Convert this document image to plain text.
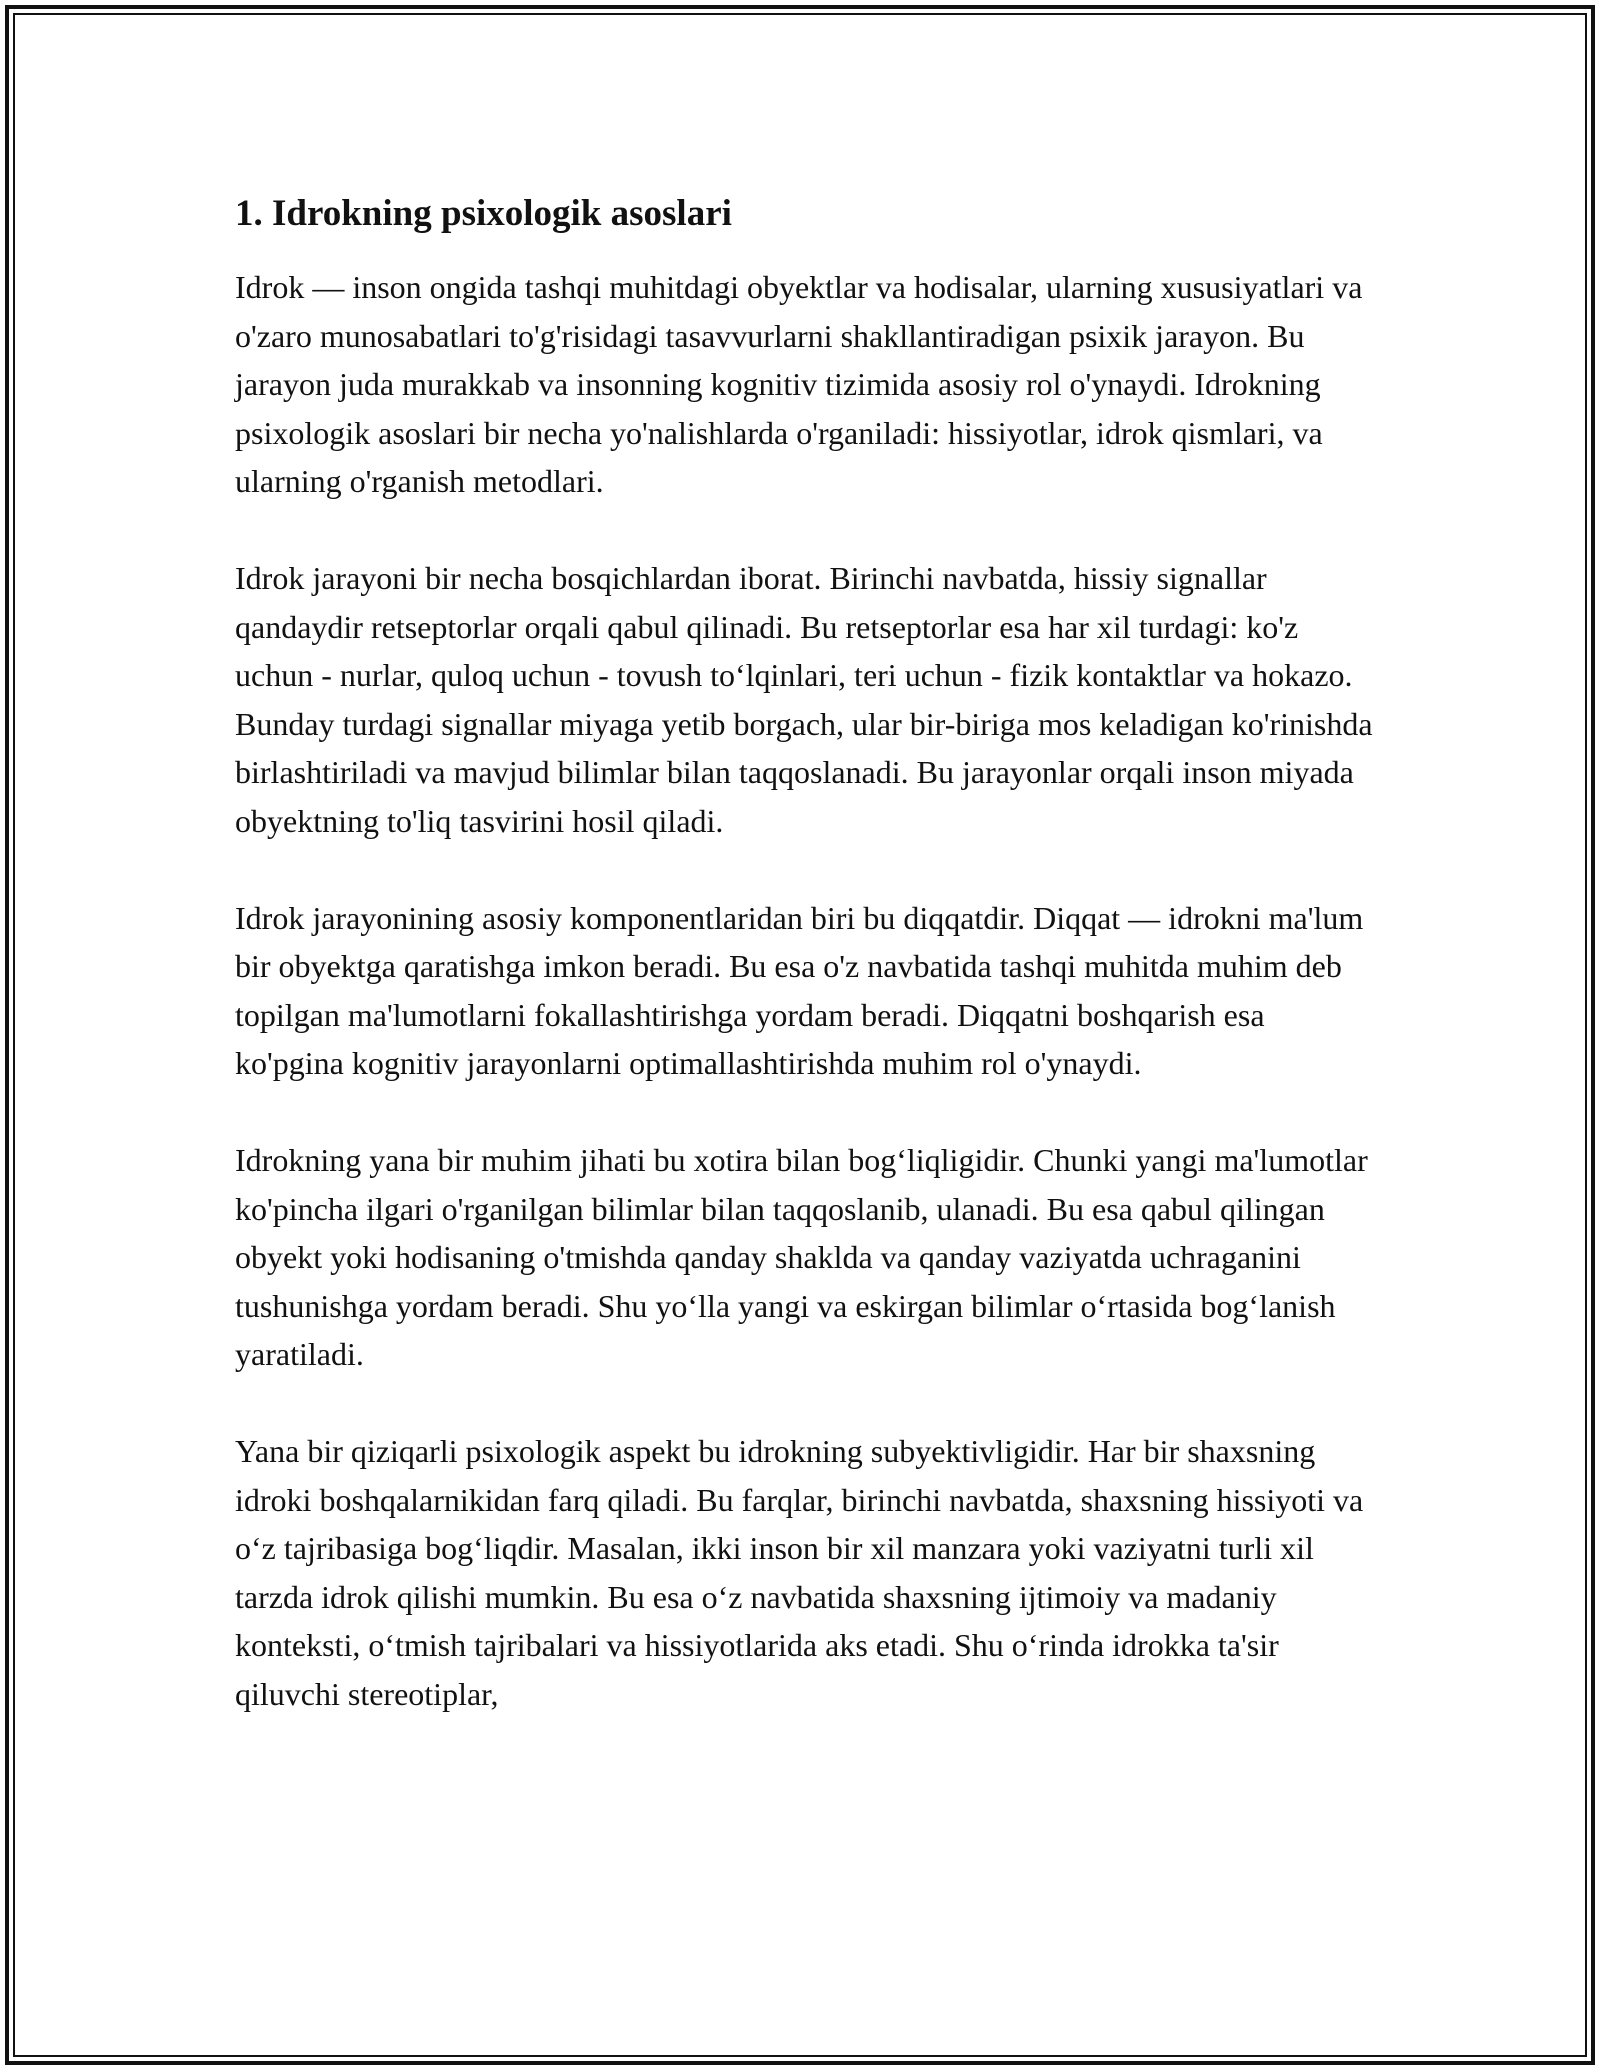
1. Idrokning psixologik asoslari

Idrok — inson ongida tashqi muhitdagi obyektlar va hodisalar, ularning xususiyatlari va o'zaro munosabatlari to'g'risidagi tasavvurlarni shakllantiradigan psixik jarayon. Bu jarayon juda murakkab va insonning kognitiv tizimida asosiy rol o'ynaydi. Idrokning psixologik asoslari bir necha yo'nalishlarda o'rganiladi: hissiyotlar, idrok qismlari, va ularning o'rganish metodlari.

Idrok jarayoni bir necha bosqichlardan iborat. Birinchi navbatda, hissiy signallar qandaydir retseptorlar orqali qabul qilinadi. Bu retseptorlar esa har xil turdagi: ko'z uchun - nurlar, quloq uchun - tovush to‘lqinlari, teri uchun - fizik kontaktlar va hokazo. Bunday turdagi signallar miyaga yetib borgach, ular bir-biriga mos keladigan ko'rinishda birlashtiriladi va mavjud bilimlar bilan taqqoslanadi. Bu jarayonlar orqali inson miyada obyektning to'liq tasvirini hosil qiladi.

Idrok jarayonining asosiy komponentlaridan biri bu diqqatdir. Diqqat — idrokni ma'lum bir obyektga qaratishga imkon beradi. Bu esa o'z navbatida tashqi muhitda muhim deb topilgan ma'lumotlarni fokallashtirishga yordam beradi. Diqqatni boshqarish esa ko'pgina kognitiv jarayonlarni optimallashtirishda muhim rol o'ynaydi.

Idrokning yana bir muhim jihati bu xotira bilan bog‘liqligidir. Chunki yangi ma'lumotlar ko'pincha ilgari o'rganilgan bilimlar bilan taqqoslanib, ulanadi. Bu esa qabul qilingan obyekt yoki hodisaning o'tmishda qanday shaklda va qanday vaziyatda uchraganini tushunishga yordam beradi. Shu yo‘lla yangi va eskirgan bilimlar o‘rtasida bog‘lanish yaratiladi.

Yana bir qiziqarli psixologik aspekt bu idrokning subyektivligidir. Har bir shaxsning idroki boshqalarnikidan farq qiladi. Bu farqlar, birinchi navbatda, shaxsning hissiyoti va o‘z tajribasiga bog‘liqdir. Masalan, ikki inson bir xil manzara yoki vaziyatni turli xil tarzda idrok qilishi mumkin. Bu esa o‘z navbatida shaxsning ijtimoiy va madaniy konteksti, o‘tmish tajribalari va hissiyotlarida aks etadi. Shu o‘rinda idrokka ta'sir qiluvchi stereotiplar,
